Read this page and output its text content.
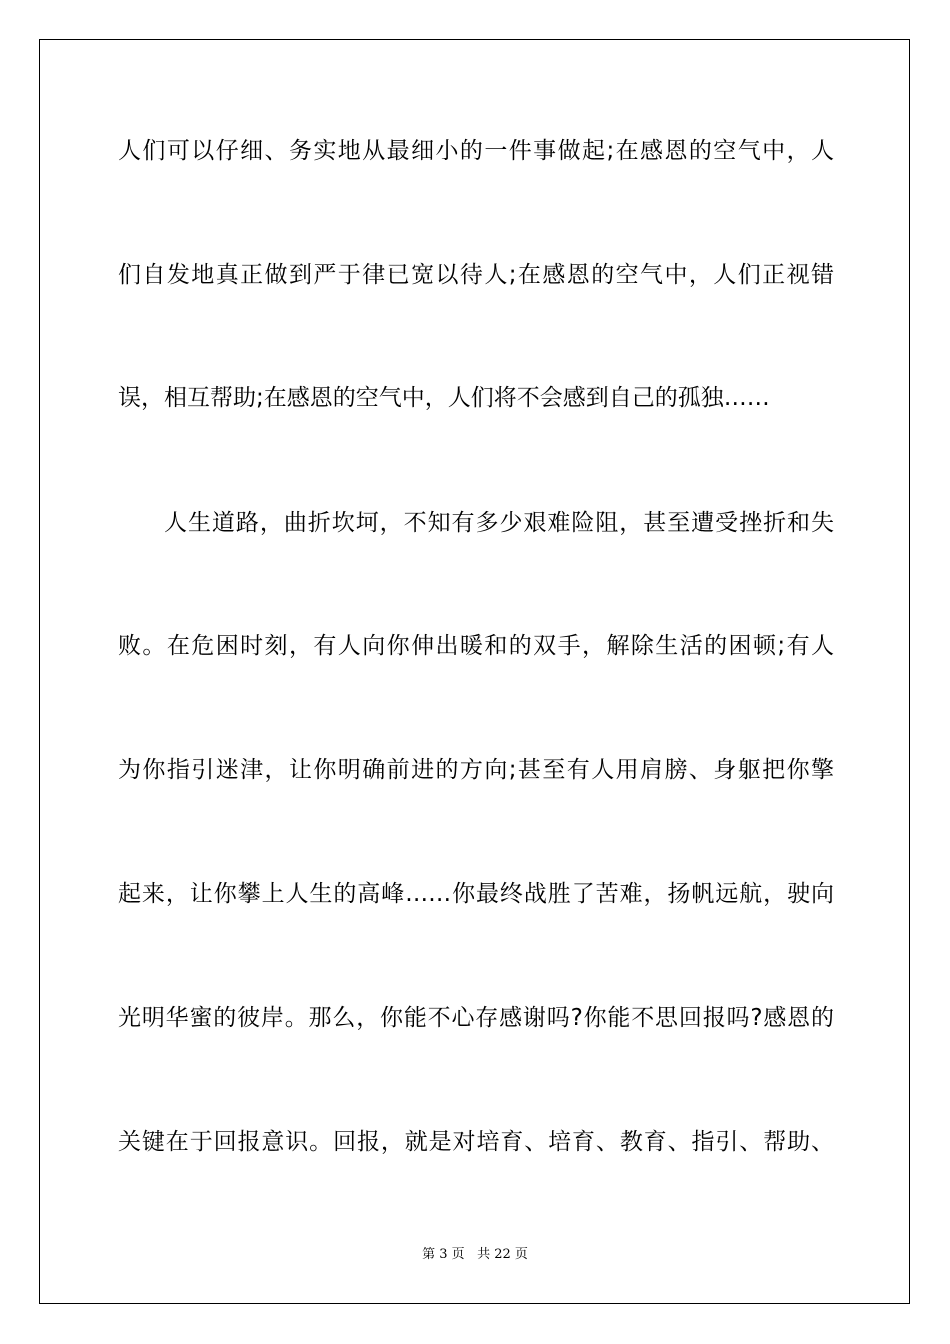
人们可以仔细、务实地从最细小的一件事做起;在感恩的空气中，人
们自发地真正做到严于律已宽以待人;在感恩的空气中，人们正视错
误，相互帮助;在感恩的空气中，人们将不会感到自己的孤独……
人生道路，曲折坎坷，不知有多少艰难险阻，甚至遭受挫折和失
败。在危困时刻，有人向你伸出暖和的双手，解除生活的困顿;有人
为你指引迷津，让你明确前进的方向;甚至有人用肩膀、身躯把你擎
起来，让你攀上人生的高峰……你最终战胜了苦难，扬帆远航，驶向
光明华蜜的彼岸。那么，你能不心存感谢吗?你能不思回报吗?感恩的
关键在于回报意识。回报，就是对培育、培育、教育、指引、帮助、
第 3 页 共 22 页
